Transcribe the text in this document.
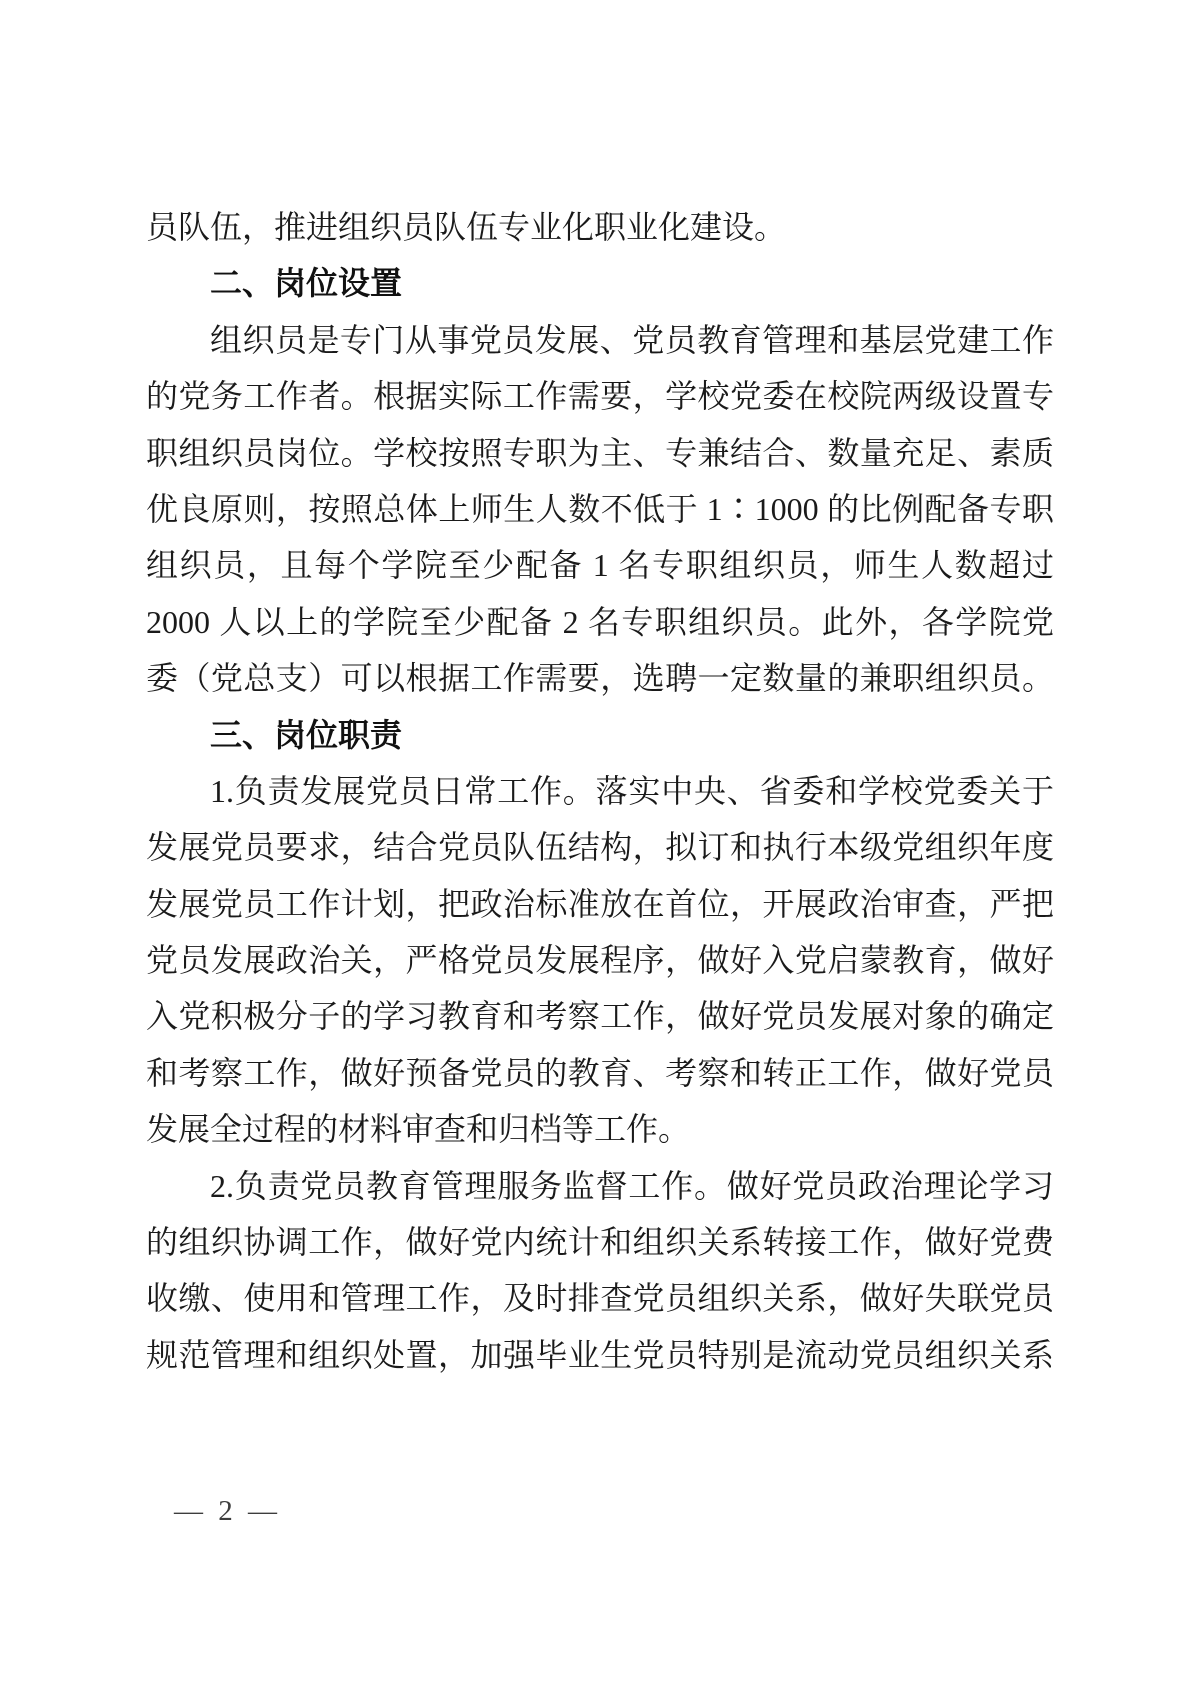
员队伍，推进组织员队伍专业化职业化建设。
二、岗位设置
组织员是专门从事党员发展、党员教育管理和基层党建工作
的党务工作者。根据实际工作需要，学校党委在校院两级设置专
职组织员岗位。学校按照专职为主、专兼结合、数量充足、素质
优良原则，按照总体上师生人数不低于 1∶1000 的比例配备专职
组织员，且每个学院至少配备 1 名专职组织员，师生人数超过
2000 人以上的学院至少配备 2 名专职组织员。此外，各学院党
委（党总支）可以根据工作需要，选聘一定数量的兼职组织员。
三、岗位职责
1.负责发展党员日常工作。落实中央、省委和学校党委关于
发展党员要求，结合党员队伍结构，拟订和执行本级党组织年度
发展党员工作计划，把政治标准放在首位，开展政治审查，严把
党员发展政治关，严格党员发展程序，做好入党启蒙教育，做好
入党积极分子的学习教育和考察工作，做好党员发展对象的确定
和考察工作，做好预备党员的教育、考察和转正工作，做好党员
发展全过程的材料审查和归档等工作。
2.负责党员教育管理服务监督工作。做好党员政治理论学习
的组织协调工作，做好党内统计和组织关系转接工作，做好党费
收缴、使用和管理工作，及时排查党员组织关系，做好失联党员
规范管理和组织处置，加强毕业生党员特别是流动党员组织关系
— 2 —
